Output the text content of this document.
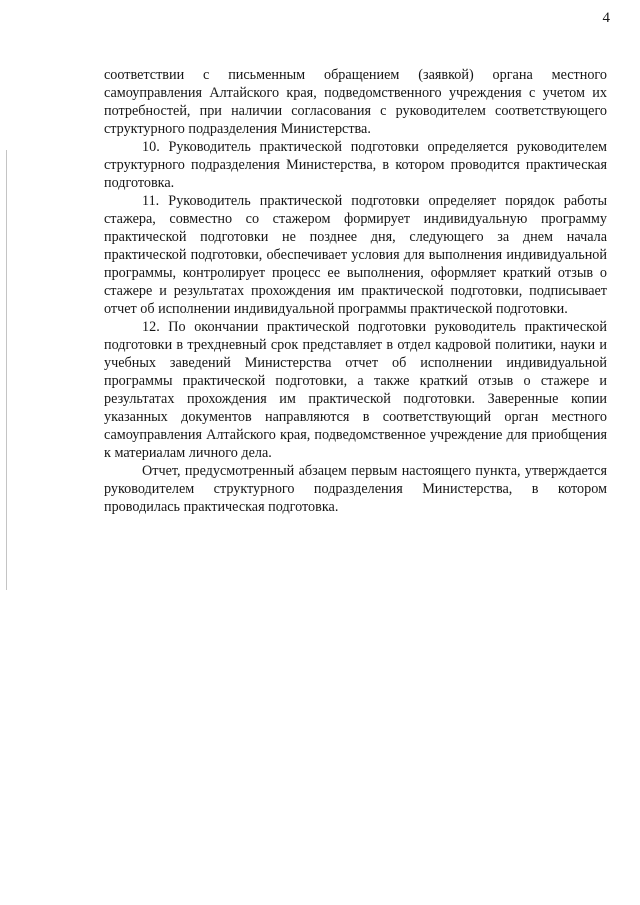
4

соответствии с письменным обращением (заявкой) органа местного самоуправления Алтайского края, подведомственного учреждения с учетом их потребностей, при наличии согласования с руководителем соответствующего структурного подразделения Министерства.

10. Руководитель практической подготовки определяется руководителем структурного подразделения Министерства, в котором проводится практическая подготовка.

11. Руководитель практической подготовки определяет порядок работы стажера, совместно со стажером формирует индивидуальную программу практической подготовки не позднее дня, следующего за днем начала практической подготовки, обеспечивает условия для выполнения индивидуальной программы, контролирует процесс ее выполнения, оформляет краткий отзыв о стажере и результатах прохождения им практической подготовки, подписывает отчет об исполнении индивидуальной программы практической подготовки.

12. По окончании практической подготовки руководитель практической подготовки в трехдневный срок представляет в отдел кадровой политики, науки и учебных заведений Министерства отчет об исполнении индивидуальной программы практической подготовки, а также краткий отзыв о стажере и результатах прохождения им практической подготовки. Заверенные копии указанных документов направляются в соответствующий орган местного самоуправления Алтайского края, подведомственное учреждение для приобщения к материалам личного дела.

Отчет, предусмотренный абзацем первым настоящего пункта, утверждается руководителем структурного подразделения Министерства, в котором проводилась практическая подготовка.
